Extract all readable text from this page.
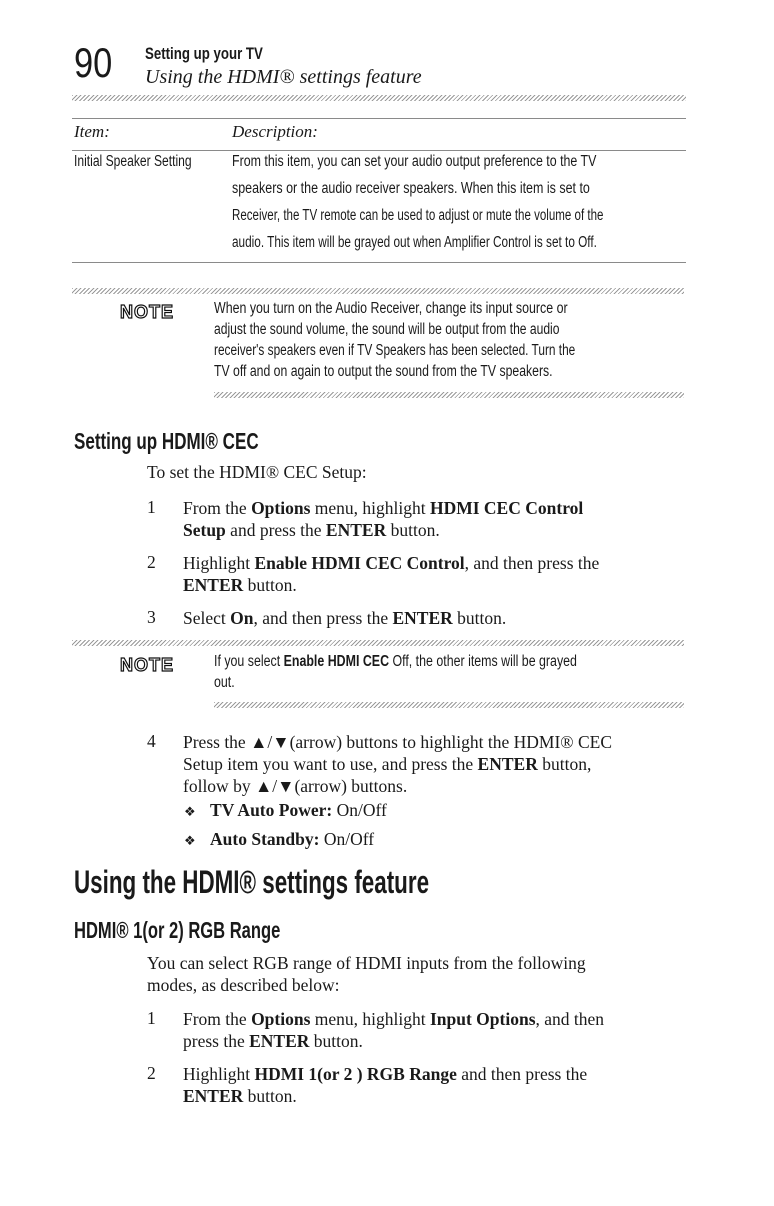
90 Setting up your TV
Using the HDMI® settings feature
Item:	Description:
Initial Speaker Setting	From this item, you can set your audio output preference to the TV
speakers or the audio receiver speakers. When this item is set to
Receiver, the TV remote can be used to adjust or mute the volume of the
audio. This item will be grayed out when Amplifier Control is set to Off.
NOTE	When you turn on the Audio Receiver, change its input source or
adjust the sound volume, the sound will be output from the audio
receiver's speakers even if TV Speakers has been selected. Turn the
TV off and on again to output the sound from the TV speakers.
Setting up HDMI® CEC
To set the HDMI® CEC Setup:
1 From the Options menu, highlight HDMI CEC Control
Setup and press the ENTER button.
2 Highlight Enable HDMI CEC Control, and then press the
ENTER button.
3 Select On, and then press the ENTER button.
NOTE	If you select Enable HDMI CEC Off, the other items will be grayed
out.
4 Press the ▲/▼(arrow) buttons to highlight the HDMI® CEC
Setup item you want to use, and press the ENTER button,
follow by ▲/▼(arrow) buttons.
❖ TV Auto Power: On/Off
❖ Auto Standby: On/Off
Using the HDMI® settings feature
HDMI® 1(or 2) RGB Range
You can select RGB range of HDMI inputs from the following
modes, as described below:
1 From the Options menu, highlight Input Options, and then
press the ENTER button.
2 Highlight HDMI 1(or 2 ) RGB Range and then press the
ENTER button.
